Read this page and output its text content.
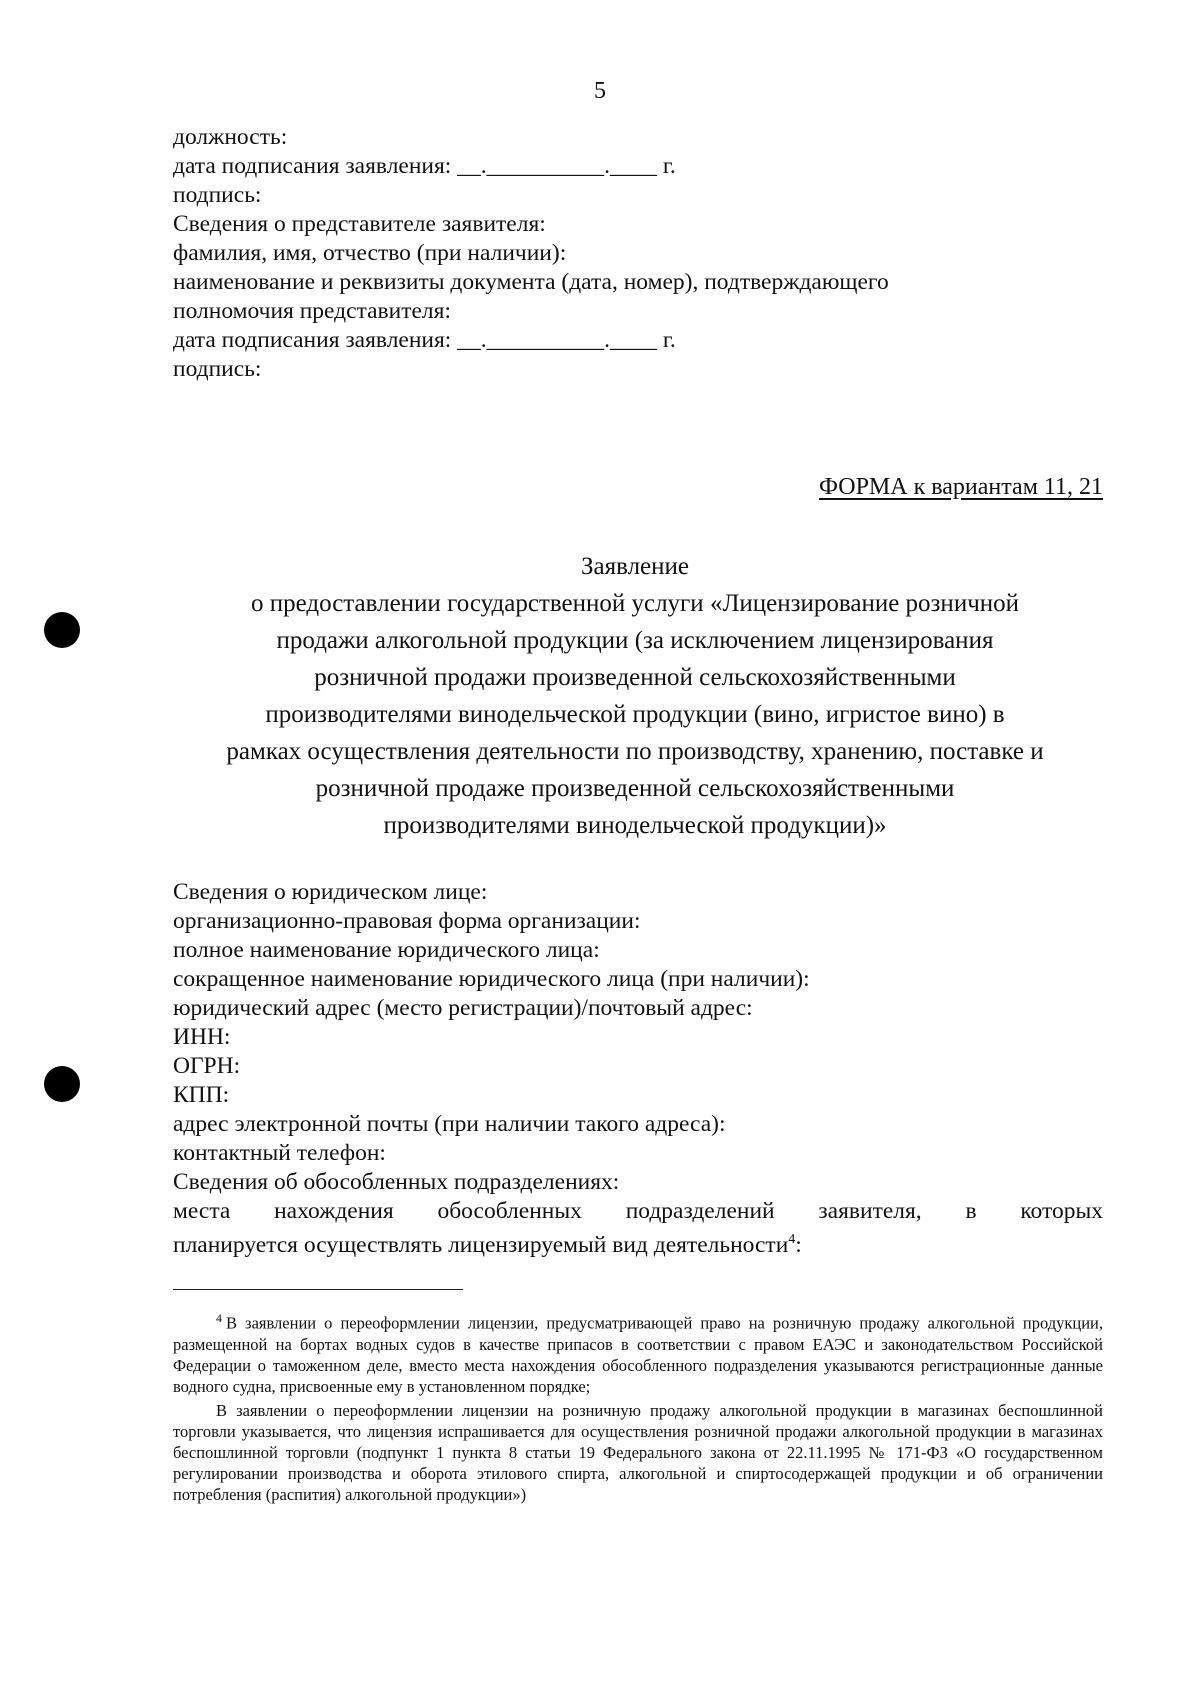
5
должность:
дата подписания заявления: __.__________.____ г.
подпись:
Сведения о представителе заявителя:
фамилия, имя, отчество (при наличии):
наименование и реквизиты документа (дата, номер), подтверждающего
полномочия представителя:
дата подписания заявления: __.__________.____ г.
подпись:
ФОРМА к вариантам 11, 21
Заявление
о предоставлении государственной услуги «Лицензирование розничной
продажи алкогольной продукции (за исключением лицензирования
розничной продажи произведенной сельскохозяйственными
производителями винодельческой продукции (вино, игристое вино) в
рамках осуществления деятельности по производству, хранению, поставке и
розничной продаже произведенной сельскохозяйственными
производителями винодельческой продукции)»
Сведения о юридическом лице:
организационно-правовая форма организации:
полное наименование юридического лица:
сокращенное наименование юридического лица (при наличии):
юридический адрес (место регистрации)/почтовый адрес:
ИНН:
ОГРН:
КПП:
адрес электронной почты (при наличии такого адреса):
контактный телефон:
Сведения об обособленных подразделениях:
места нахождения обособленных подразделений заявителя, в которых
планируется осуществлять лицензируемый вид деятельности$^4$:

$^4$ В заявлении о переоформлении лицензии, предусматривающей право на розничную продажу алкогольной продукции, размещенной на бортах водных судов в качестве припасов в соответствии с правом ЕАЭС и законодательством Российской Федерации о таможенном деле, вместо места нахождения обособленного подразделения указываются регистрационные данные водного судна, присвоенные ему в установленном порядке;

В заявлении о переоформлении лицензии на розничную продажу алкогольной продукции в магазинах беспошлинной торговли указывается, что лицензия испрашивается для осуществления розничной продажи алкогольной продукции в магазинах беспошлинной торговли (подпункт 1 пункта 8 статьи 19 Федерального закона от 22.11.1995 № 171-ФЗ «О государственном регулировании производства и оборота этилового спирта, алкогольной и спиртосодержащей продукции и об ограничении потребления (распития) алкогольной продукции»)
